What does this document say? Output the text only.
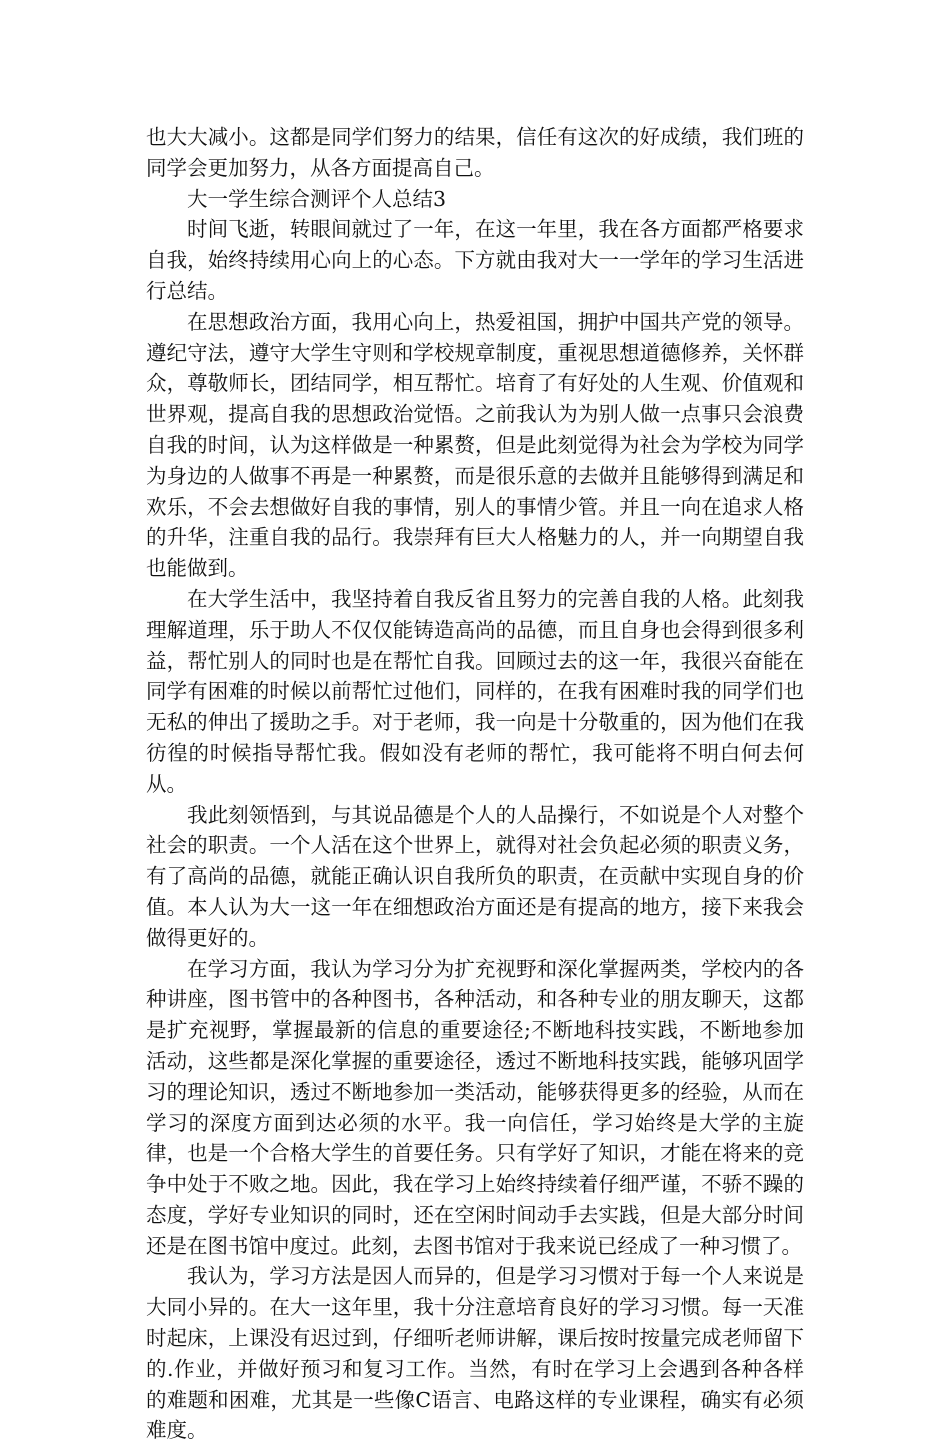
也大大减小。这都是同学们努力的结果，信任有这次的好成绩，我们班的同学会更加努力，从各方面提高自己。

大一学生综合测评个人总结3

时间飞逝，转眼间就过了一年，在这一年里，我在各方面都严格要求自我，始终持续用心向上的心态。下方就由我对大一一学年的学习生活进行总结。

在思想政治方面，我用心向上，热爱祖国，拥护中国共产党的领导。遵纪守法，遵守大学生守则和学校规章制度，重视思想道德修养，关怀群众，尊敬师长，团结同学，相互帮忙。培育了有好处的人生观、价值观和世界观，提高自我的思想政治觉悟。之前我认为为别人做一点事只会浪费自我的时间，认为这样做是一种累赘，但是此刻觉得为社会为学校为同学为身边的人做事不再是一种累赘，而是很乐意的去做并且能够得到满足和欢乐，不会去想做好自我的事情，别人的事情少管。并且一向在追求人格的升华，注重自我的品行。我崇拜有巨大人格魅力的人，并一向期望自我也能做到。

在大学生活中，我坚持着自我反省且努力的完善自我的人格。此刻我理解道理，乐于助人不仅仅能铸造高尚的品德，而且自身也会得到很多利益，帮忙别人的同时也是在帮忙自我。回顾过去的这一年，我很兴奋能在同学有困难的时候以前帮忙过他们，同样的，在我有困难时我的同学们也无私的伸出了援助之手。对于老师，我一向是十分敬重的，因为他们在我彷徨的时候指导帮忙我。假如没有老师的帮忙，我可能将不明白何去何从。

我此刻领悟到，与其说品德是个人的人品操行，不如说是个人对整个社会的职责。一个人活在这个世界上，就得对社会负起必须的职责义务，有了高尚的品德，就能正确认识自我所负的职责，在贡献中实现自身的价值。本人认为大一这一年在细想政治方面还是有提高的地方，接下来我会做得更好的。

在学习方面，我认为学习分为扩充视野和深化掌握两类，学校内的各种讲座，图书管中的各种图书，各种活动，和各种专业的朋友聊天，这都是扩充视野，掌握最新的信息的重要途径;不断地科技实践，不断地参加活动，这些都是深化掌握的重要途径，透过不断地科技实践，能够巩固学习的理论知识，透过不断地参加一类活动，能够获得更多的经验，从而在学习的深度方面到达必须的水平。我一向信任，学习始终是大学的主旋律，也是一个合格大学生的首要任务。只有学好了知识，才能在将来的竞争中处于不败之地。因此，我在学习上始终持续着仔细严谨，不骄不躁的态度，学好专业知识的同时，还在空闲时间动手去实践，但是大部分时间还是在图书馆中度过。此刻，去图书馆对于我来说已经成了一种习惯了。

我认为，学习方法是因人而异的，但是学习习惯对于每一个人来说是大同小异的。在大一这年里，我十分注意培育良好的学习习惯。每一天准时起床，上课没有迟过到，仔细听老师讲解，课后按时按量完成老师留下的.作业，并做好预习和复习工作。当然，有时在学习上会遇到各种各样的难题和困难，尤其是一些像C语言、电路这样的专业课程，确实有必须难度。
